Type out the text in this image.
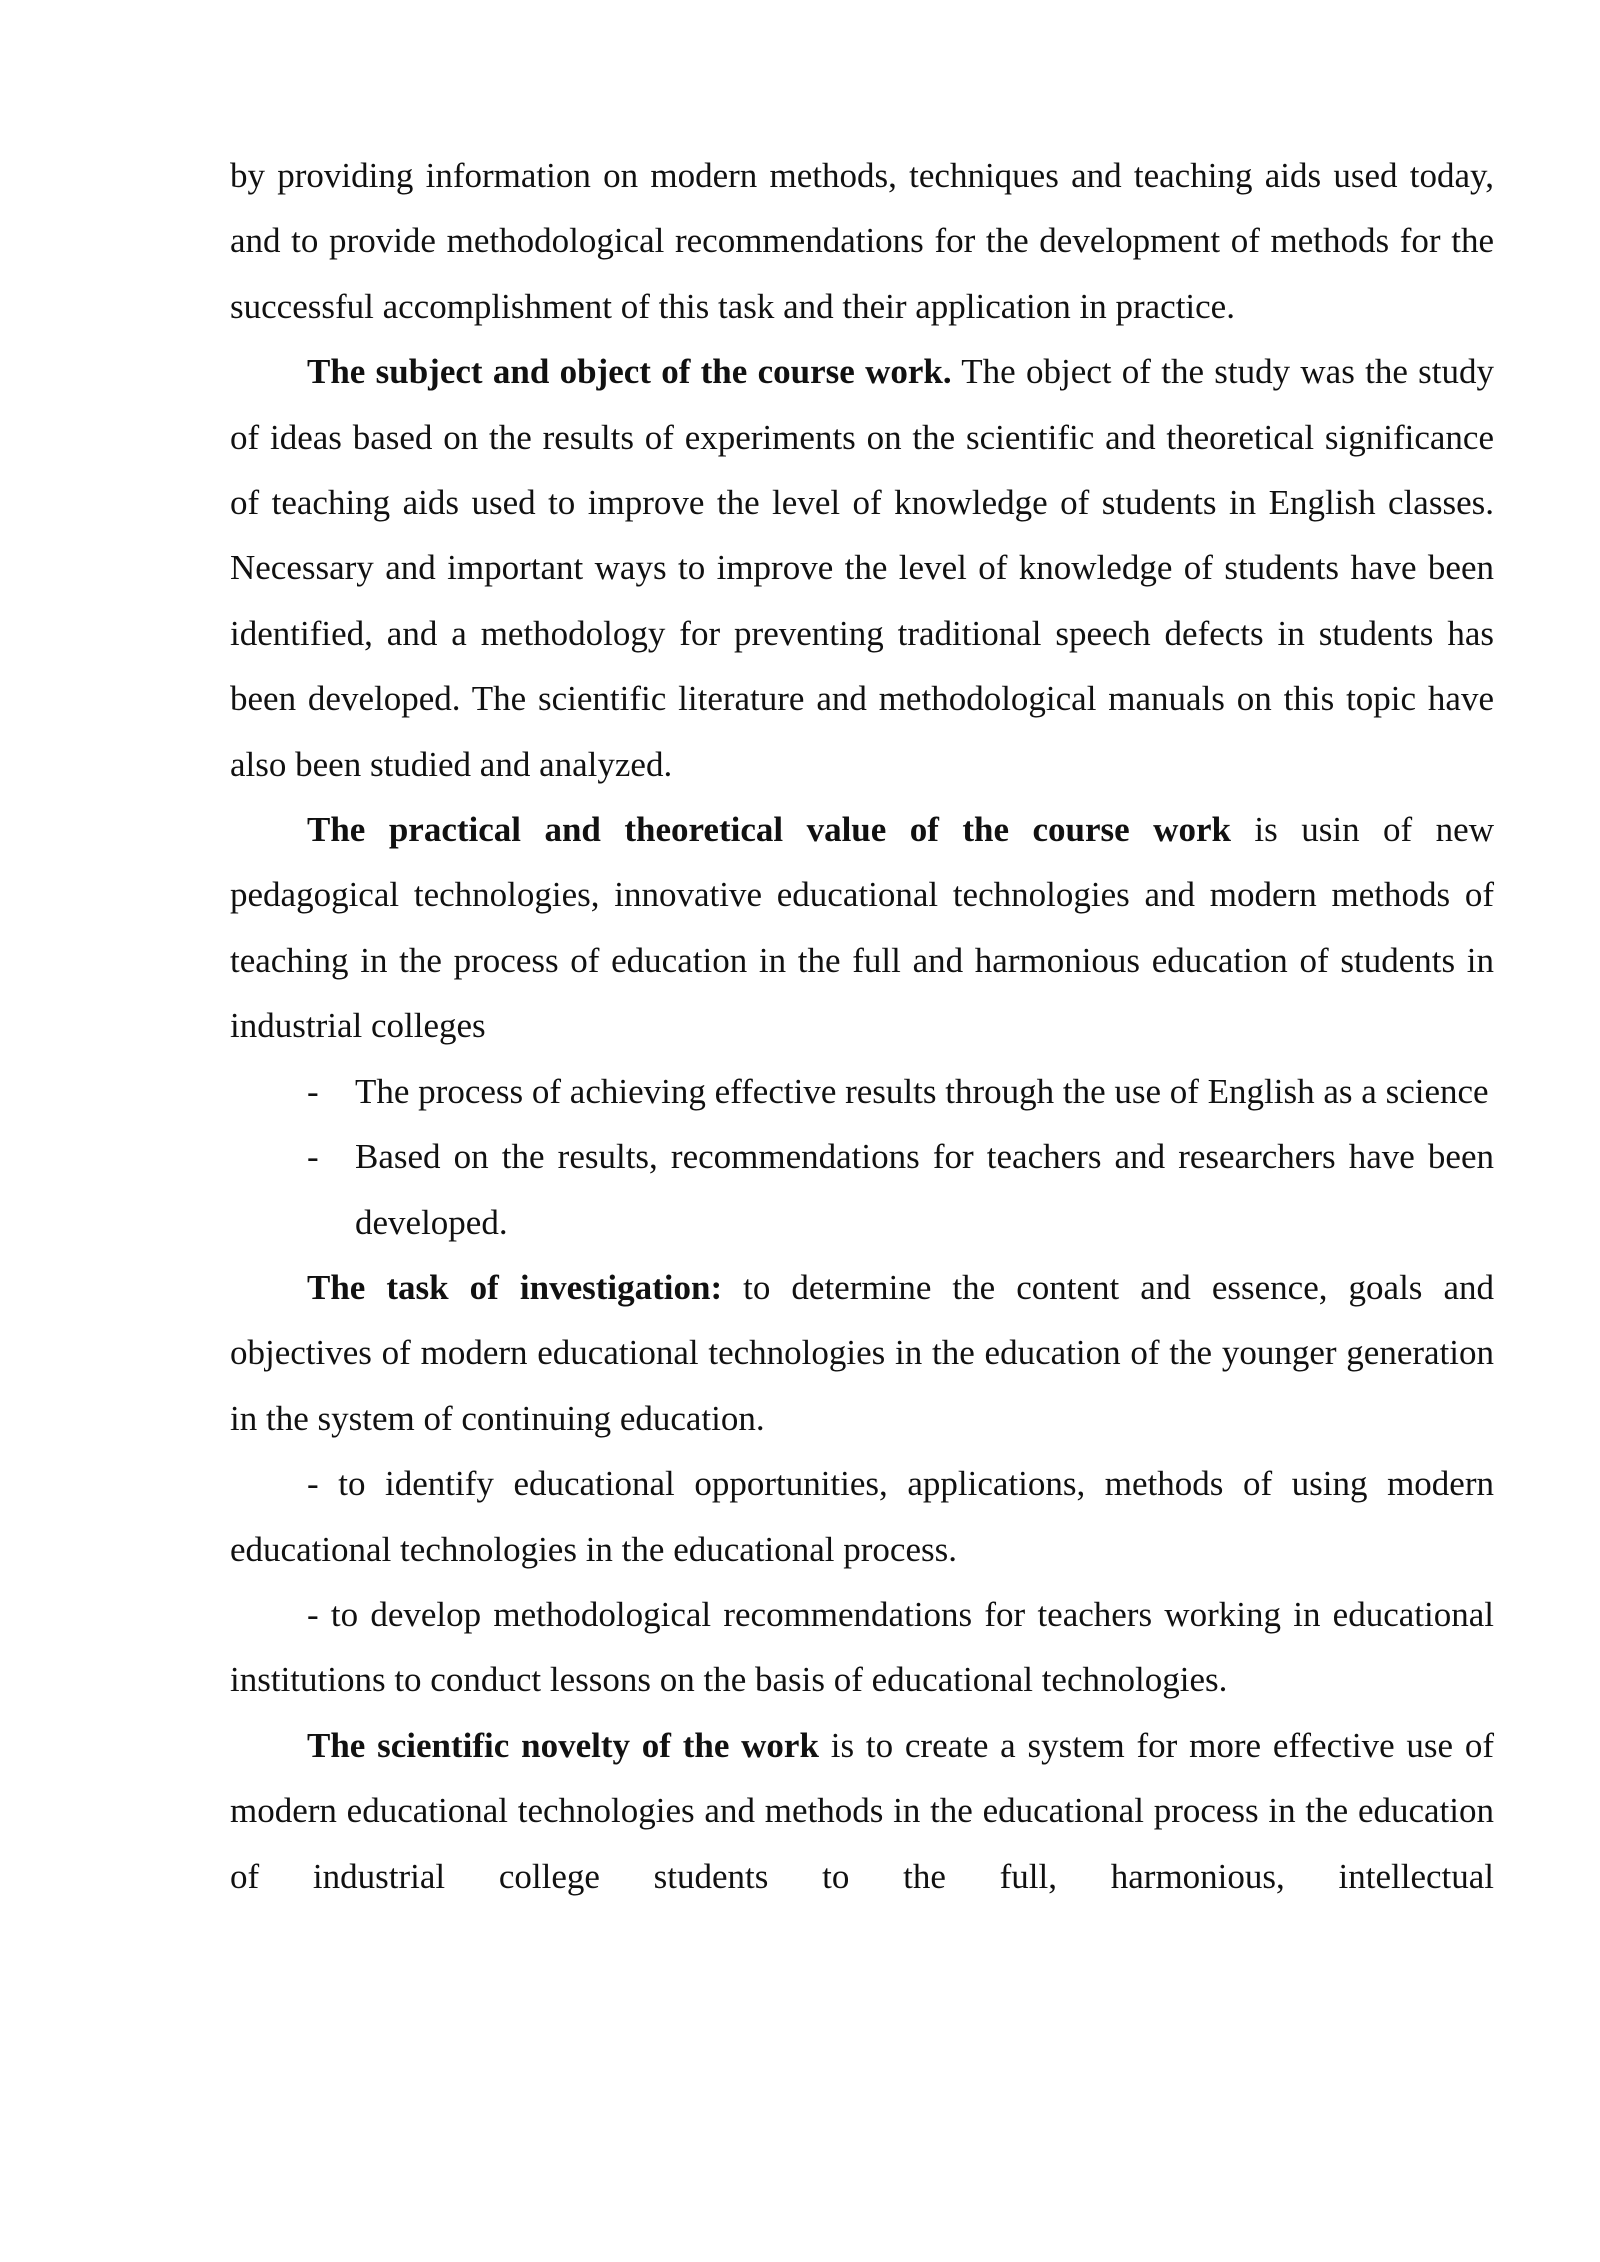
by providing information on modern methods, techniques and teaching aids used today, and to provide methodological recommendations for the development of methods for the successful accomplishment of this task and their application in practice.

The subject and object of the course work. The object of the study was the study of ideas based on the results of experiments on the scientific and theoretical significance of teaching aids used to improve the level of knowledge of students in English classes. Necessary and important ways to improve the level of knowledge of students have been identified, and a methodology for preventing traditional speech defects in students has been developed. The scientific literature and methodological manuals on this topic have also been studied and analyzed.

The practical and theoretical value of the course work is usin of new pedagogical technologies, innovative educational technologies and modern methods of teaching in the process of education in the full and harmonious education of students in industrial colleges

- The process of achieving effective results through the use of English as a science

- Based on the results, recommendations for teachers and researchers have been developed.

The task of investigation: to determine the content and essence, goals and objectives of modern educational technologies in the education of the younger generation in the system of continuing education.

- to identify educational opportunities, applications, methods of using modern educational technologies in the educational process.

- to develop methodological recommendations for teachers working in educational institutions to conduct lessons on the basis of educational technologies.

The scientific novelty of the work is to create a system for more effective use of modern educational technologies and methods in the educational process in the education of industrial college students to the full, harmonious, intellectual
